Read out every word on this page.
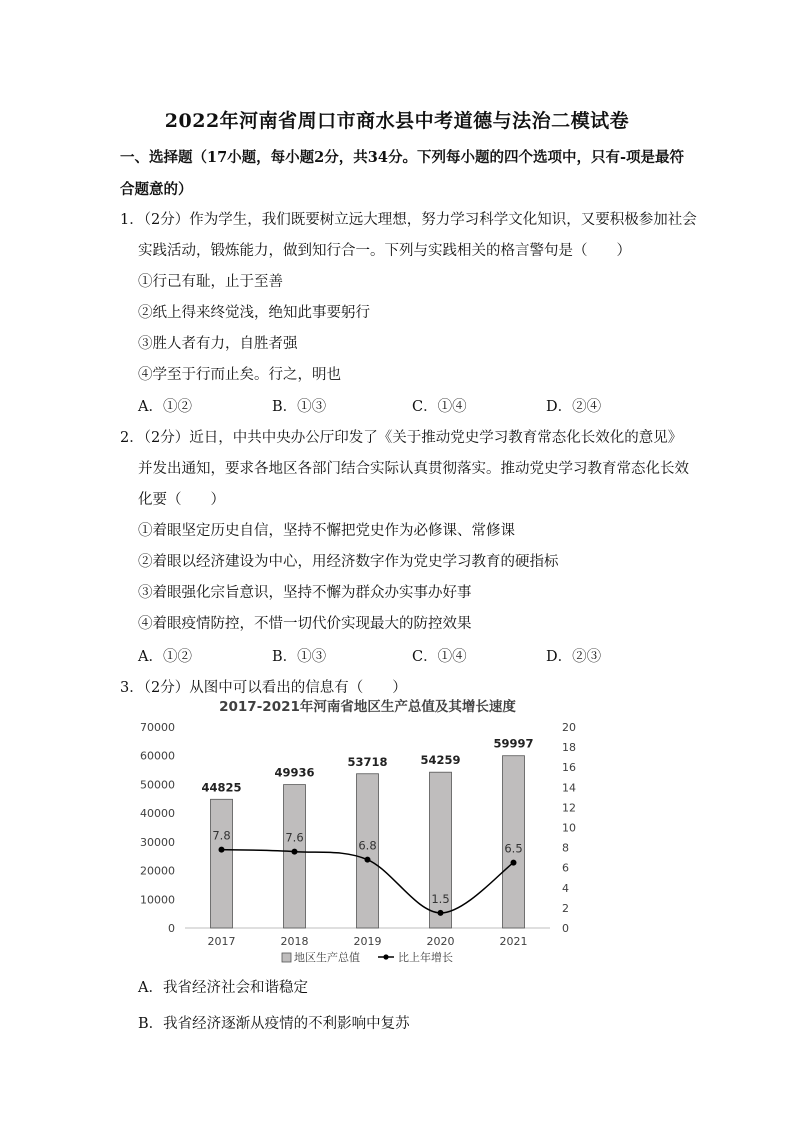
2022年河南省周口市商水县中考道德与法治二模试卷
一、选择题（17小题，每小题2分，共34分。下列每小题的四个选项中，只有-项是最符
合题意的）
1．（2分）作为学生，我们既要树立远大理想，努力学习科学文化知识，又要积极参加社会
实践活动，锻炼能力，做到知行合一。下列与实践相关的格言警句是（　　）
①行己有耻，止于至善
②纸上得来终觉浅，绝知此事要躬行
③胜人者有力，自胜者强
④学至于行而止矣。行之，明也
A．①②	B．①③	C．①④	D．②④
2．（2分）近日，中共中央办公厅印发了《关于推动党史学习教育常态化长效化的意见》
并发出通知，要求各地区各部门结合实际认真贯彻落实。推动党史学习教育常态化长效
化要（　　）
①着眼坚定历史自信，坚持不懈把党史作为必修课、常修课
②着眼以经济建设为中心，用经济数字作为党史学习教育的硬指标
③着眼强化宗旨意识，坚持不懈为群众办实事办好事
④着眼疫情防控，不惜一切代价实现最大的防控效果
A．①②	B．①③	C．①④	D．②③
3．（2分）从图中可以看出的信息有（　　）
2017-2021年河南省地区生产总值及其增长速度
0
10000
20000
30000
40000
50000
60000
70000
0
2
4
6
8
10
12
14
16
18
20
44825
49936
53718	54259
59997
2017	2018	2019	2020	2021
7.8	7.6
6.8
1.5
6.5
地区生产总值	比上年增长
A．我省经济社会和谐稳定
B．我省经济逐渐从疫情的不利影响中复苏
